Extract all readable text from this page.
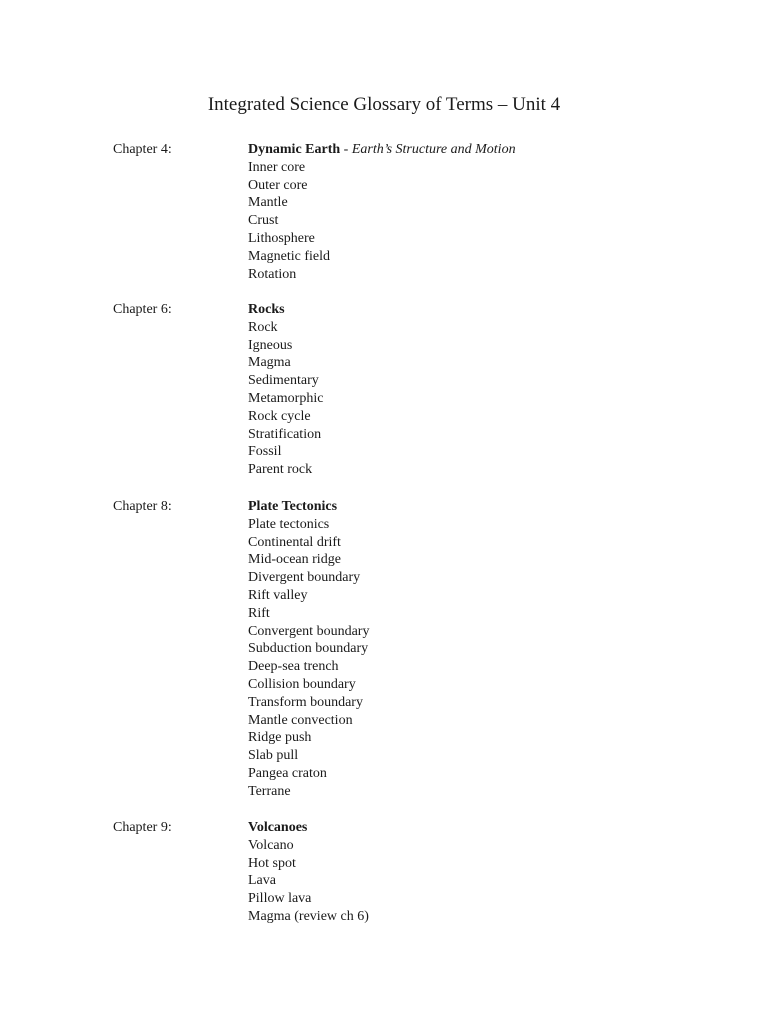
Integrated Science Glossary of Terms – Unit 4
Chapter 4:	Dynamic Earth - Earth’s Structure and Motion
Inner core
Outer core
Mantle
Crust
Lithosphere
Magnetic field
Rotation
Chapter 6:	Rocks
Rock
Igneous
Magma
Sedimentary
Metamorphic
Rock cycle
Stratification
Fossil
Parent rock
Chapter 8:	Plate Tectonics
Plate tectonics
Continental drift
Mid-ocean ridge
Divergent boundary
Rift valley
Rift
Convergent boundary
Subduction boundary
Deep-sea trench
Collision boundary
Transform boundary
Mantle convection
Ridge push
Slab pull
Pangea craton
Terrane
Chapter 9:	Volcanoes
Volcano
Hot spot
Lava
Pillow lava
Magma (review ch 6)
